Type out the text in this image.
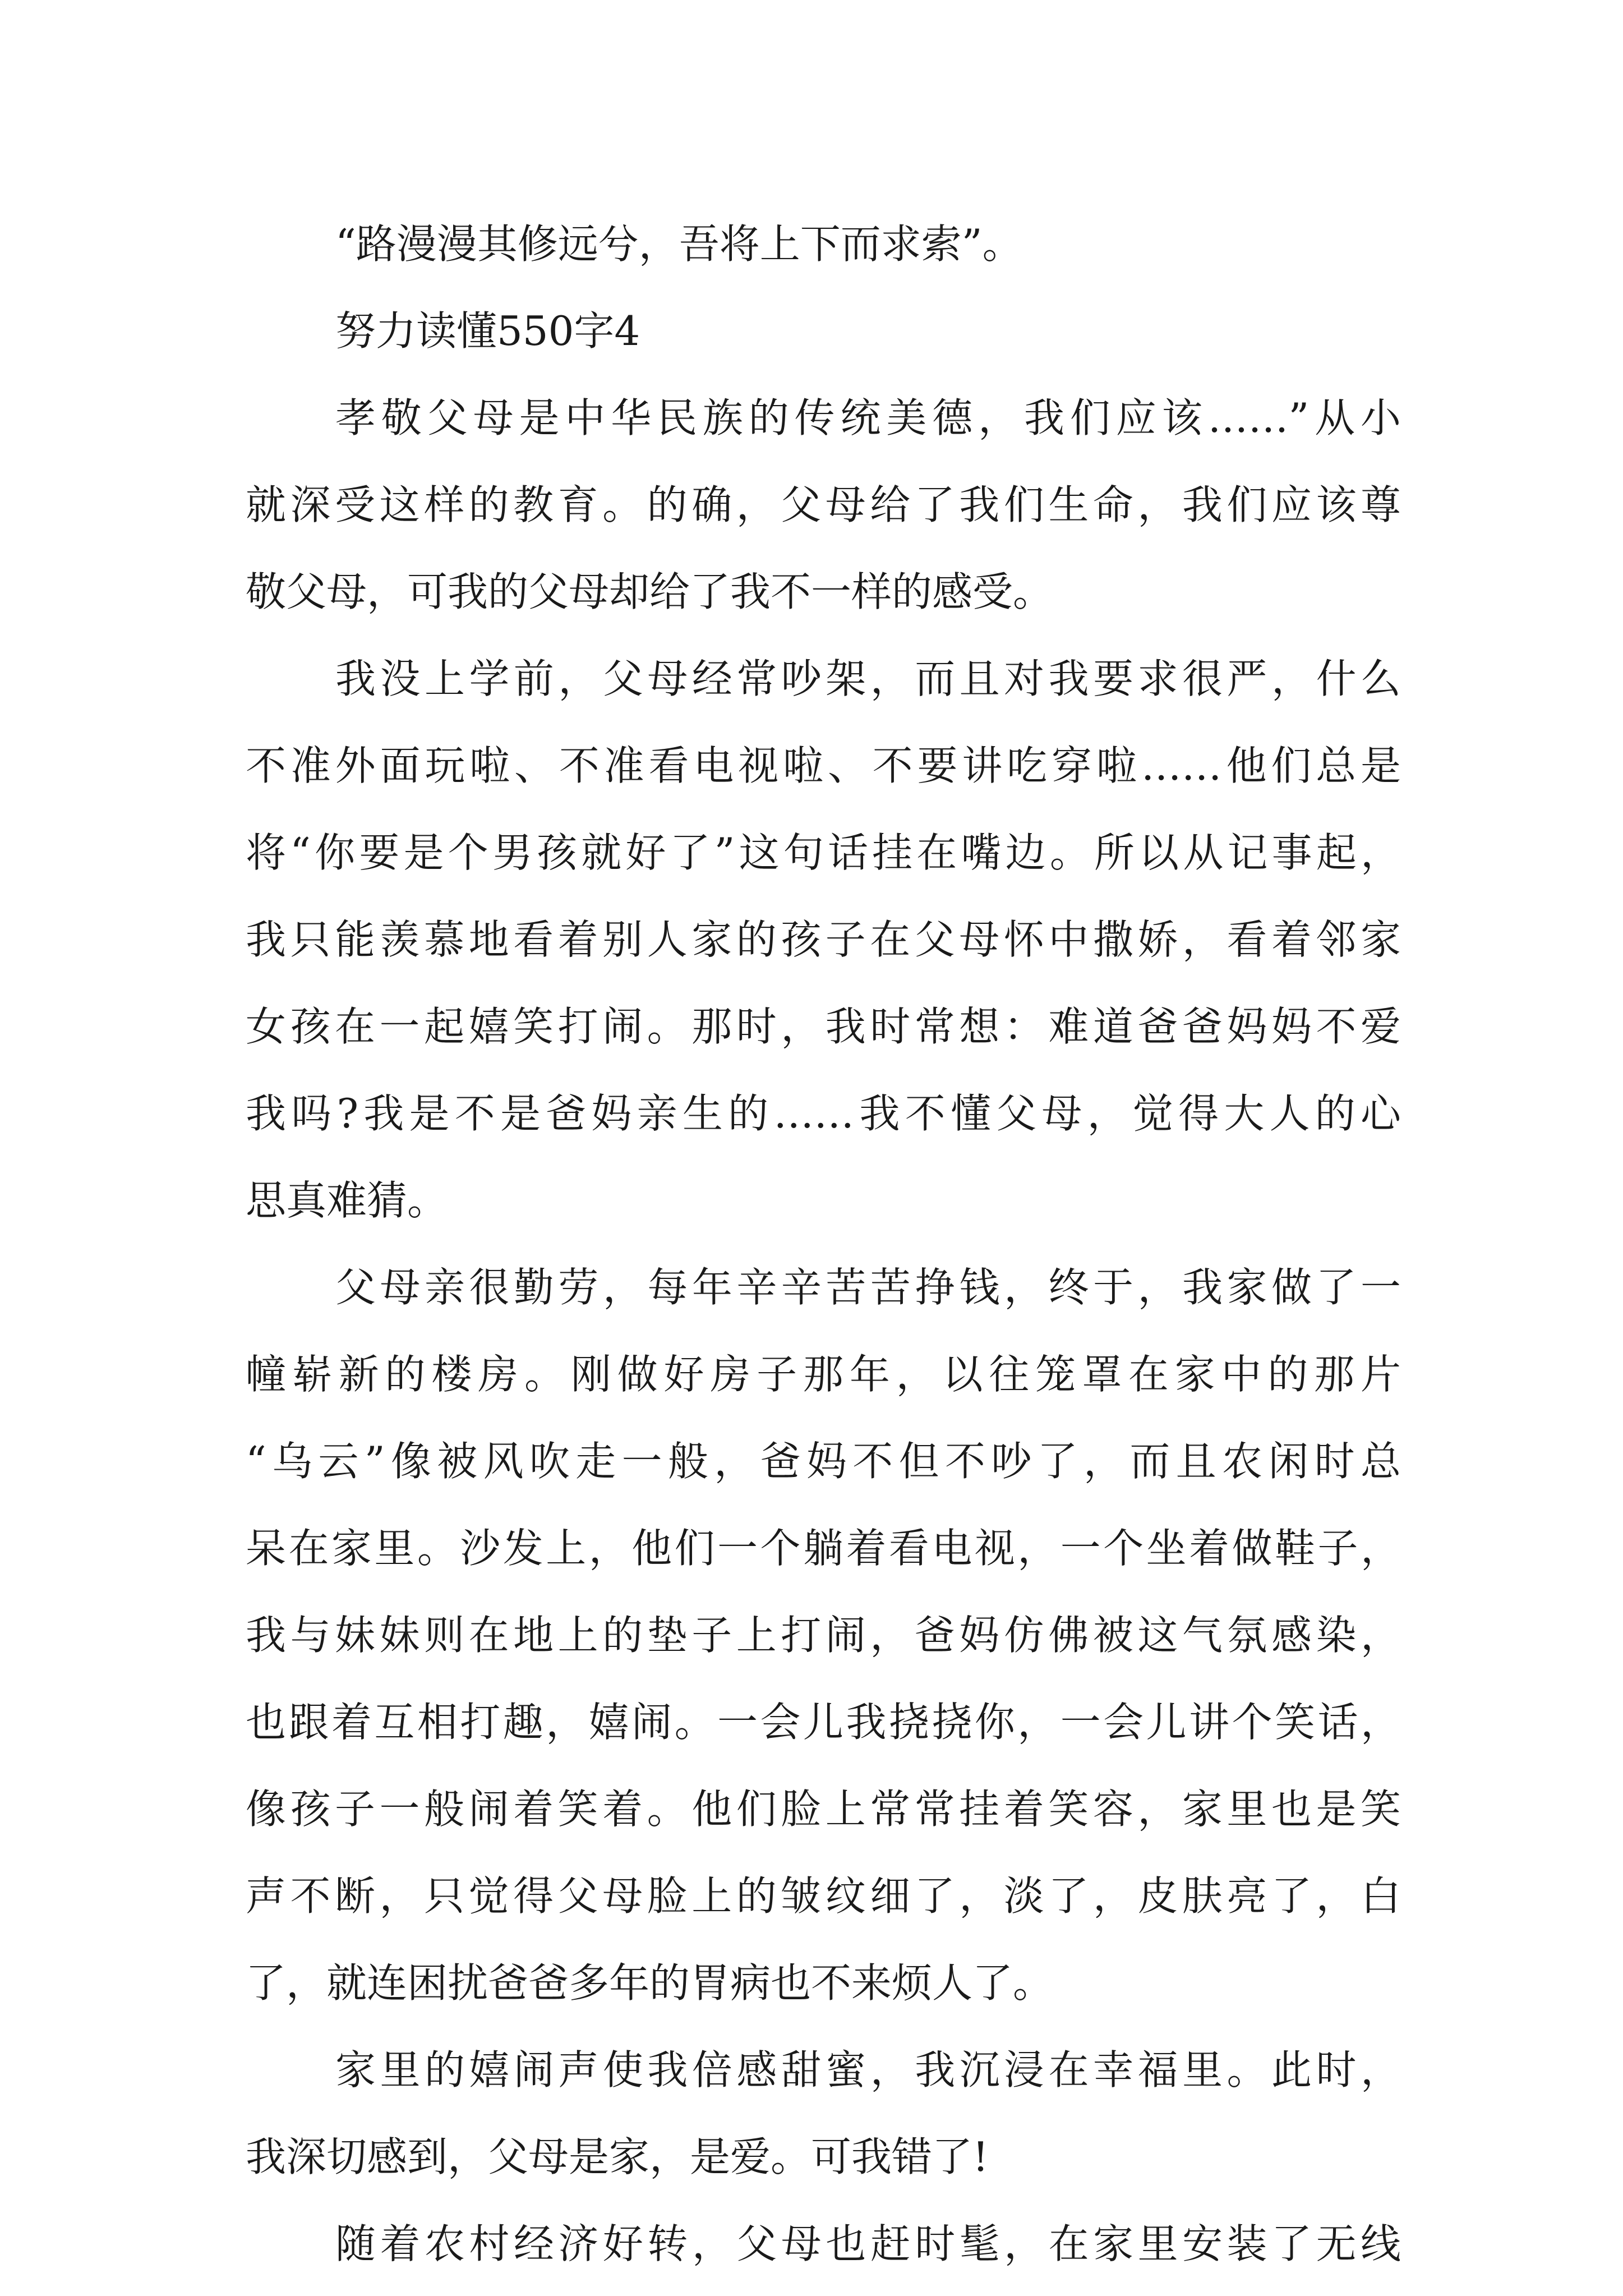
“路漫漫其修远兮，吾将上下而求索”。
努力读懂550字4
孝敬父母是中华民族的传统美德，我们应该……”从小
就深受这样的教育。的确，父母给了我们生命，我们应该尊
敬父母，可我的父母却给了我不一样的感受。
我没上学前，父母经常吵架，而且对我要求很严，什么
不准外面玩啦、不准看电视啦、不要讲吃穿啦……他们总是
将“你要是个男孩就好了”这句话挂在嘴边。所以从记事起，
我只能羡慕地看着别人家的孩子在父母怀中撒娇，看着邻家
女孩在一起嬉笑打闹。那时，我时常想：难道爸爸妈妈不爱
我吗?我是不是爸妈亲生的……我不懂父母，觉得大人的心
思真难猜。
父母亲很勤劳，每年辛辛苦苦挣钱，终于，我家做了一
幢崭新的楼房。刚做好房子那年，以往笼罩在家中的那片
“乌云”像被风吹走一般，爸妈不但不吵了，而且农闲时总
呆在家里。沙发上，他们一个躺着看电视，一个坐着做鞋子，
我与妹妹则在地上的垫子上打闹，爸妈仿佛被这气氛感染，
也跟着互相打趣，嬉闹。一会儿我挠挠你，一会儿讲个笑话，
像孩子一般闹着笑着。他们脸上常常挂着笑容，家里也是笑
声不断，只觉得父母脸上的皱纹细了，淡了，皮肤亮了，白
了，就连困扰爸爸多年的胃病也不来烦人了。
家里的嬉闹声使我倍感甜蜜，我沉浸在幸福里。此时，
我深切感到，父母是家，是爱。可我错了!
随着农村经济好转，父母也赶时髦，在家里安装了无线
